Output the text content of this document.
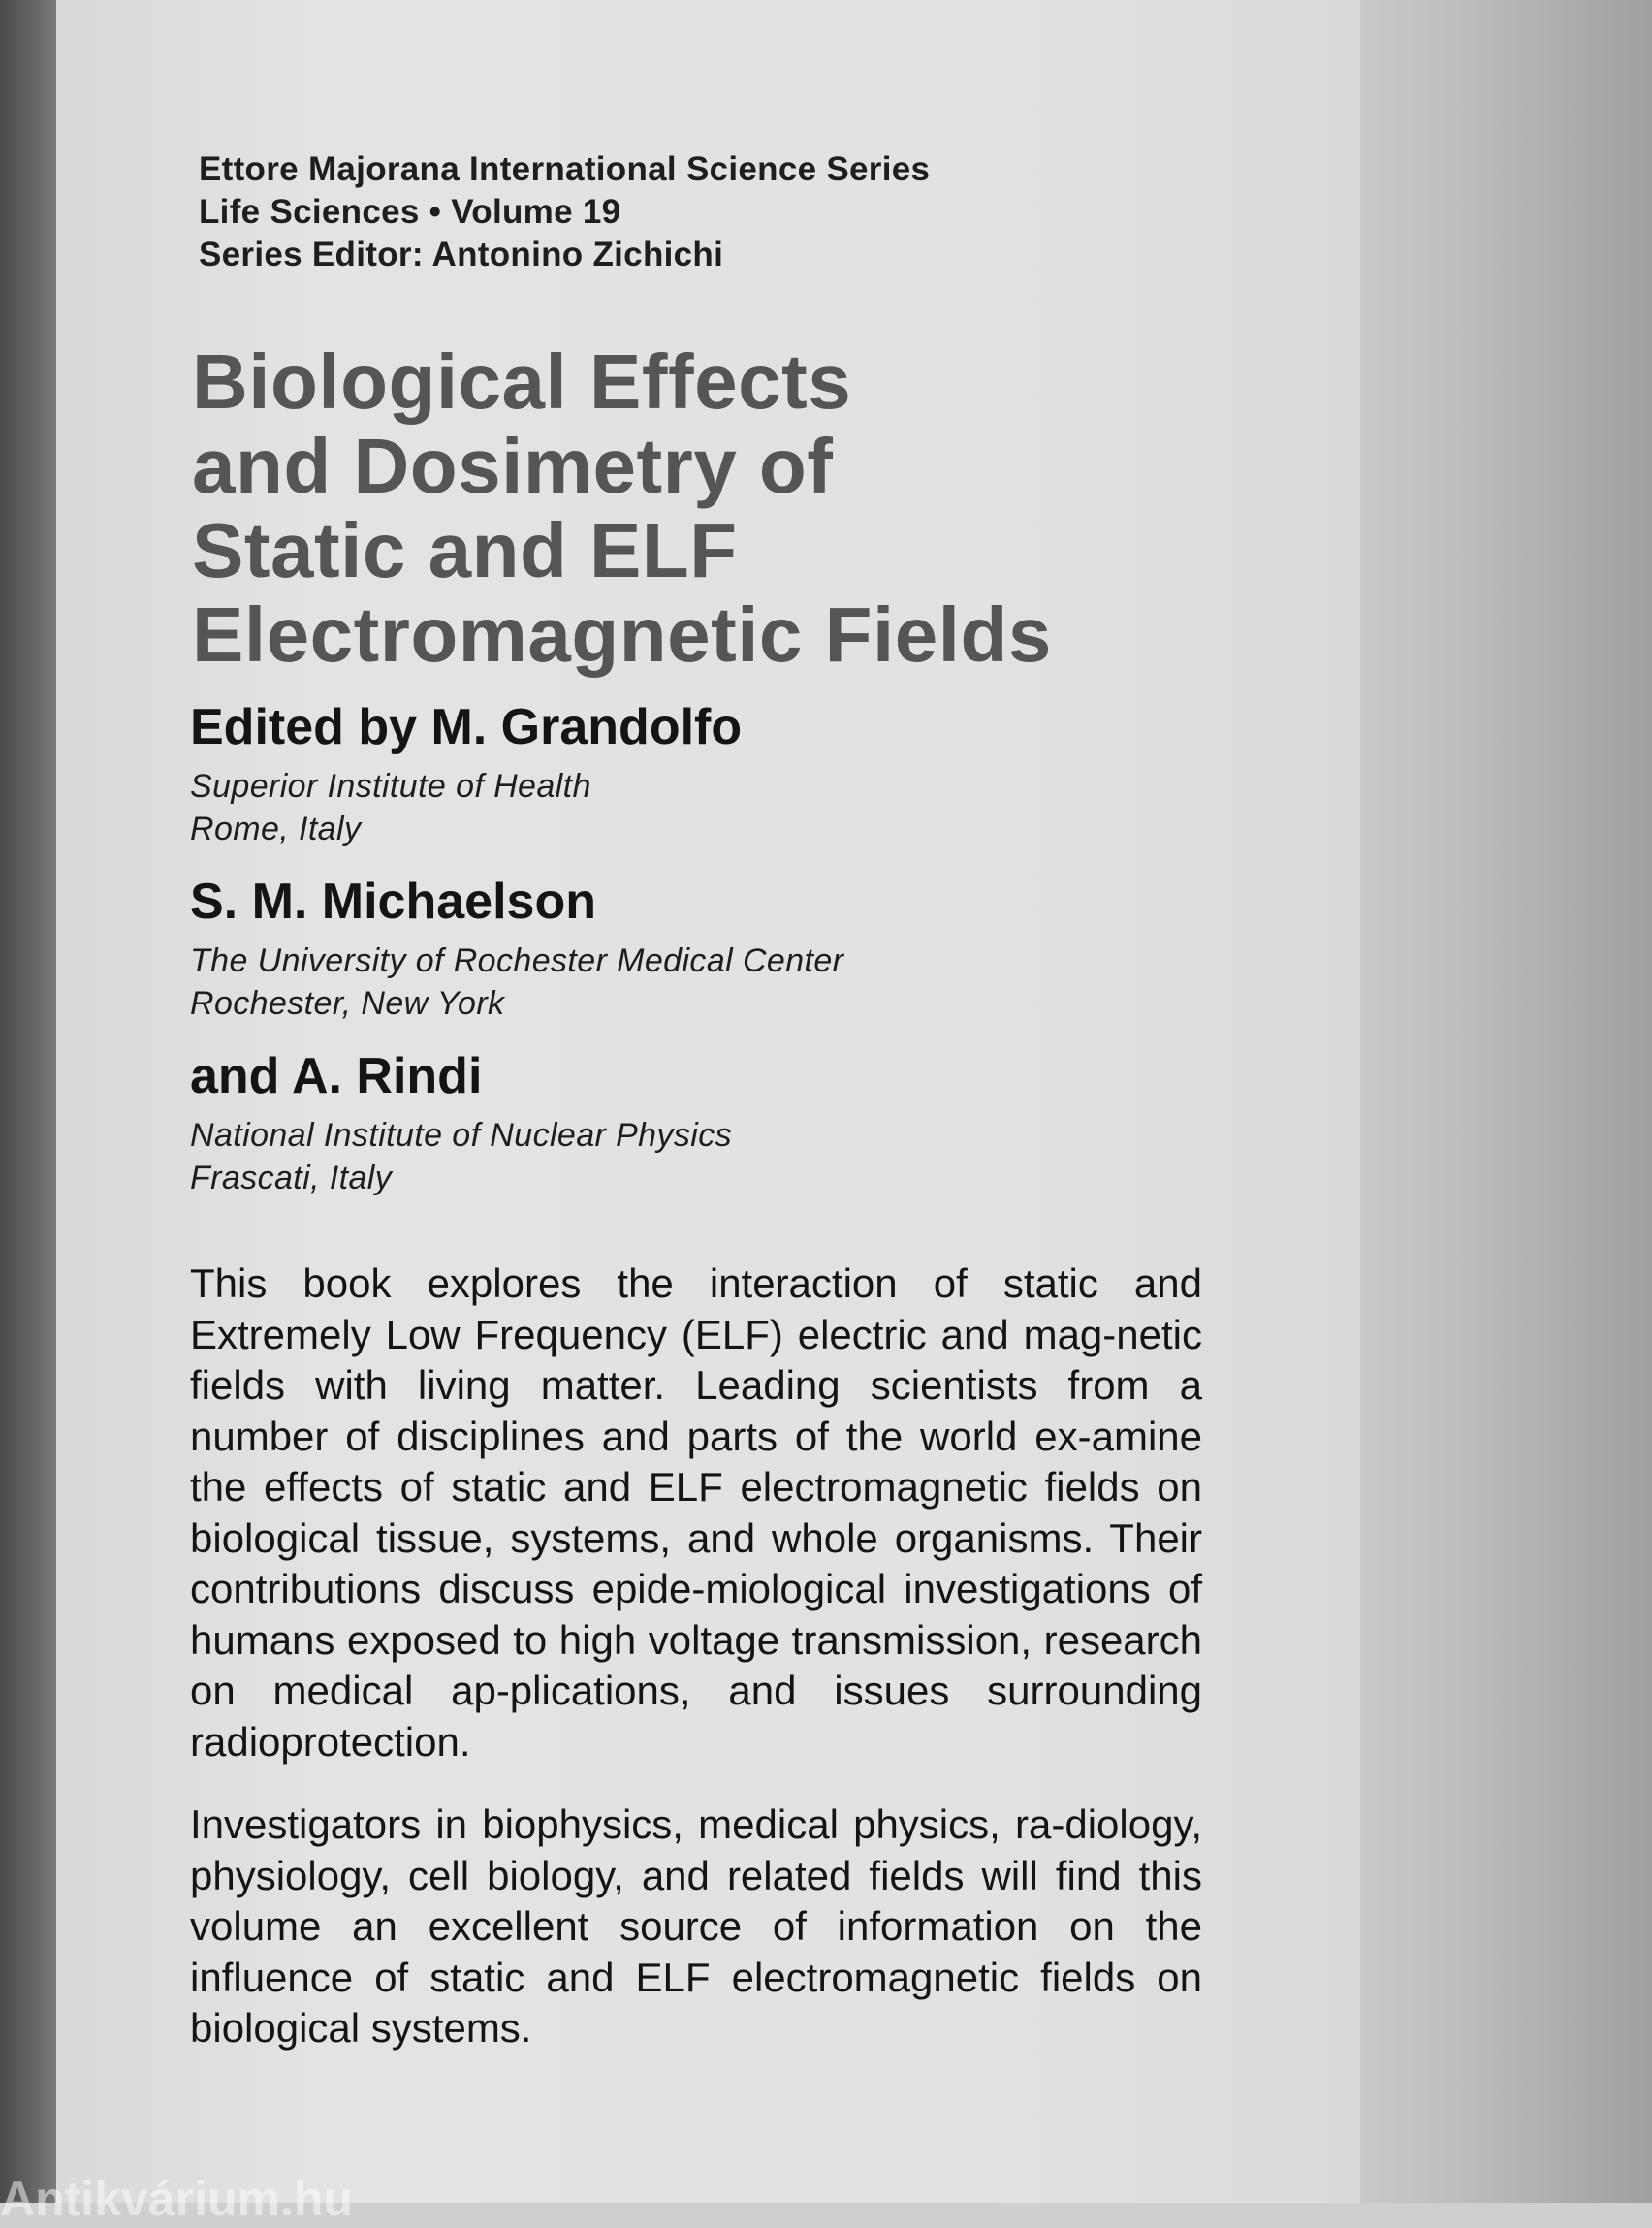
Ettore Majorana International Science Series
Life Sciences • Volume 19
Series Editor: Antonino Zichichi
Biological Effects
and Dosimetry of
Static and ELF
Electromagnetic Fields
Edited by M. Grandolfo
Superior Institute of Health
Rome, Italy
S. M. Michaelson
The University of Rochester Medical Center
Rochester, New York
and A. Rindi
National Institute of Nuclear Physics
Frascati, Italy
This book explores the interaction of static and Extremely Low Frequency (ELF) electric and mag-netic fields with living matter. Leading scientists from a number of disciplines and parts of the world ex-amine the effects of static and ELF electromagnetic fields on biological tissue, systems, and whole organisms. Their contributions discuss epide-miological investigations of humans exposed to high voltage transmission, research on medical ap-plications, and issues surrounding radioprotection.
Investigators in biophysics, medical physics, ra-diology, physiology, cell biology, and related fields will find this volume an excellent source of information on the influence of static and ELF electromagnetic fields on biological systems.
Antikvárium.hu
